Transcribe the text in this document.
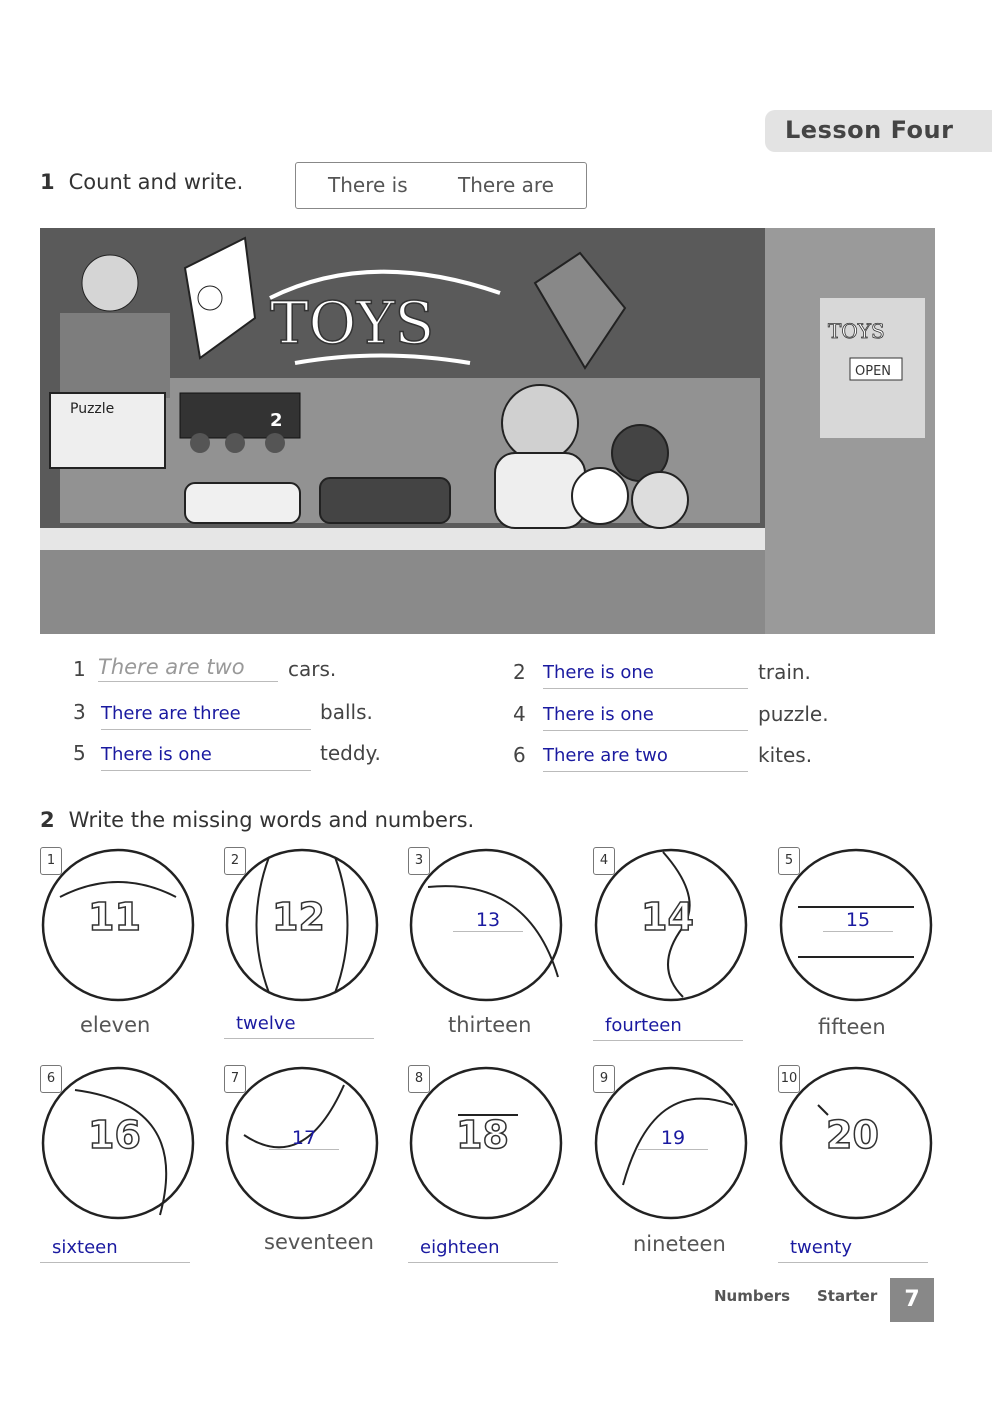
Lesson Four
1 Count and write.	There is	There are
TOYS	TOYS
OPEN
Puzzle
2
1 There are two	cars.	2 There is one	train.
3 There are three	balls.	4 There is one	puzzle.
5 There is one	teddy.	6 There are two	kites.
2 Write the missing words and numbers.
1
11
eleven
2
12
twelve
3
13
thirteen
4
14
fourteen
5
15
fifteen
6
16
sixteen
7
17
seventeen
8
18
eighteen
9
19
nineteen
10
20
twenty
Numbers Starter	7
